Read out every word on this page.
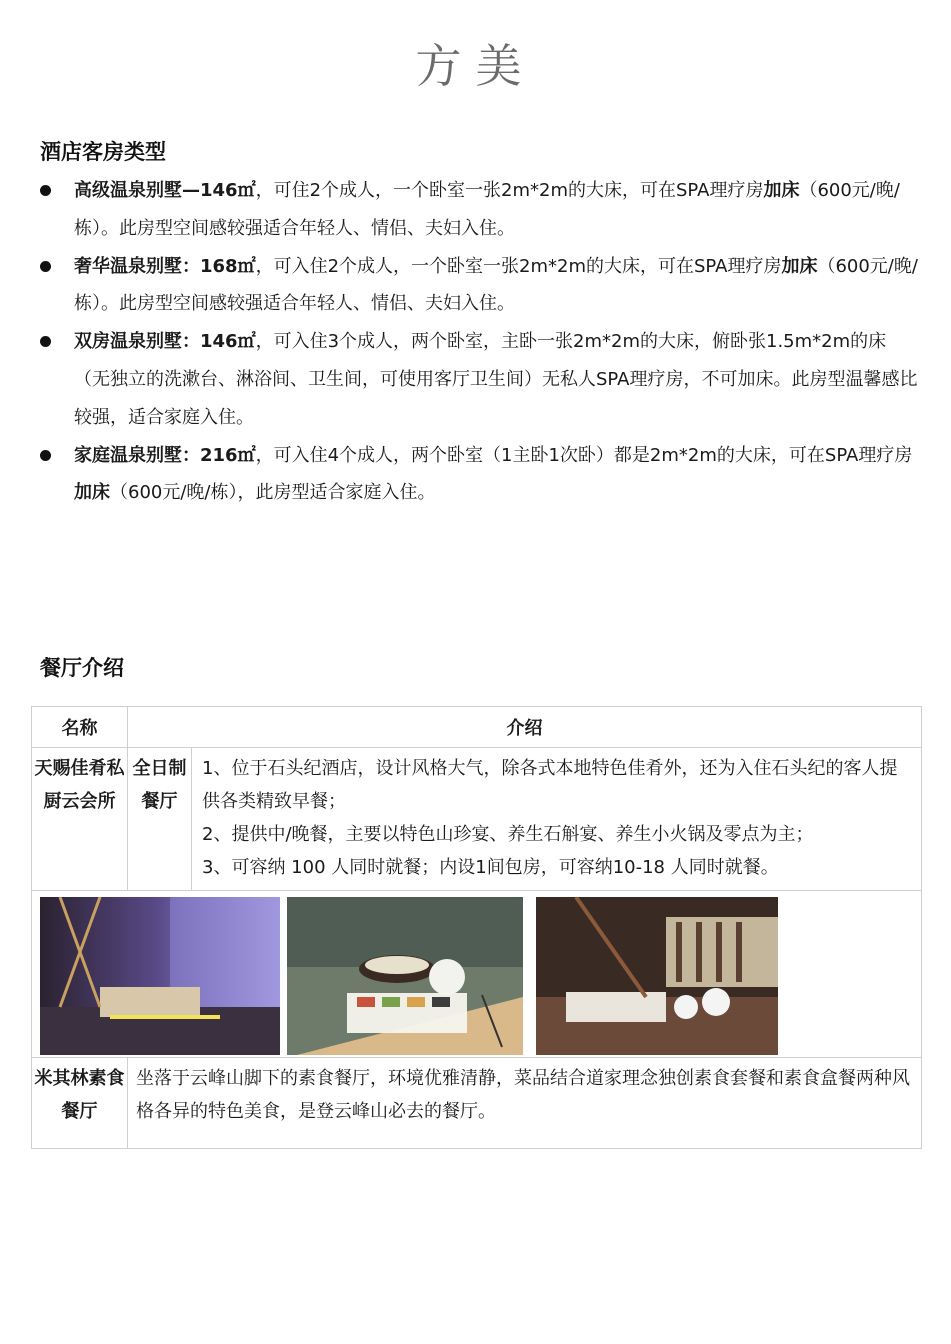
方美
酒店客房类型
高级温泉别墅—146㎡，可住2个成人，一个卧室一张2m*2m的大床，可在SPA理疗房加床（600元/晚/栋）。此房型空间感较强适合年轻人、情侣、夫妇入住。
奢华温泉别墅：168㎡，可入住2个成人，一个卧室一张2m*2m的大床，可在SPA理疗房加床（600元/晚/栋）。此房型空间感较强适合年轻人、情侣、夫妇入住。
双房温泉别墅：146㎡，可入住3个成人，两个卧室，主卧一张2m*2m的大床，俯卧张1.5m*2m的床（无独立的洗漱台、淋浴间、卫生间，可使用客厅卫生间）无私人SPA理疗房，不可加床。此房型温馨感比较强，适合家庭入住。
家庭温泉别墅：216㎡，可入住4个成人，两个卧室（1主卧1次卧）都是2m*2m的大床，可在SPA理疗房加床（600元/晚/栋），此房型适合家庭入住。
餐厅介绍
名称	介绍	
天赐佳肴私厨云会所	全日制餐厅	1、位于石头纪酒店，设计风格大气，除各式本地特色佳肴外，还为入住石头纪的客人提供各类精致早餐；
2、提供中/晚餐，主要以特色山珍宴、养生石斛宴、养生小火锅及零点为主；
3、可容纳 100 人同时就餐；内设1间包房，可容纳10-18 人同时就餐。

米其林素食餐厅	坐落于云峰山脚下的素食餐厅，环境优雅清静，菜品结合道家理念独创素食套餐和素食盒餐两种风格各异的特色美食，是登云峰山必去的餐厅。	
